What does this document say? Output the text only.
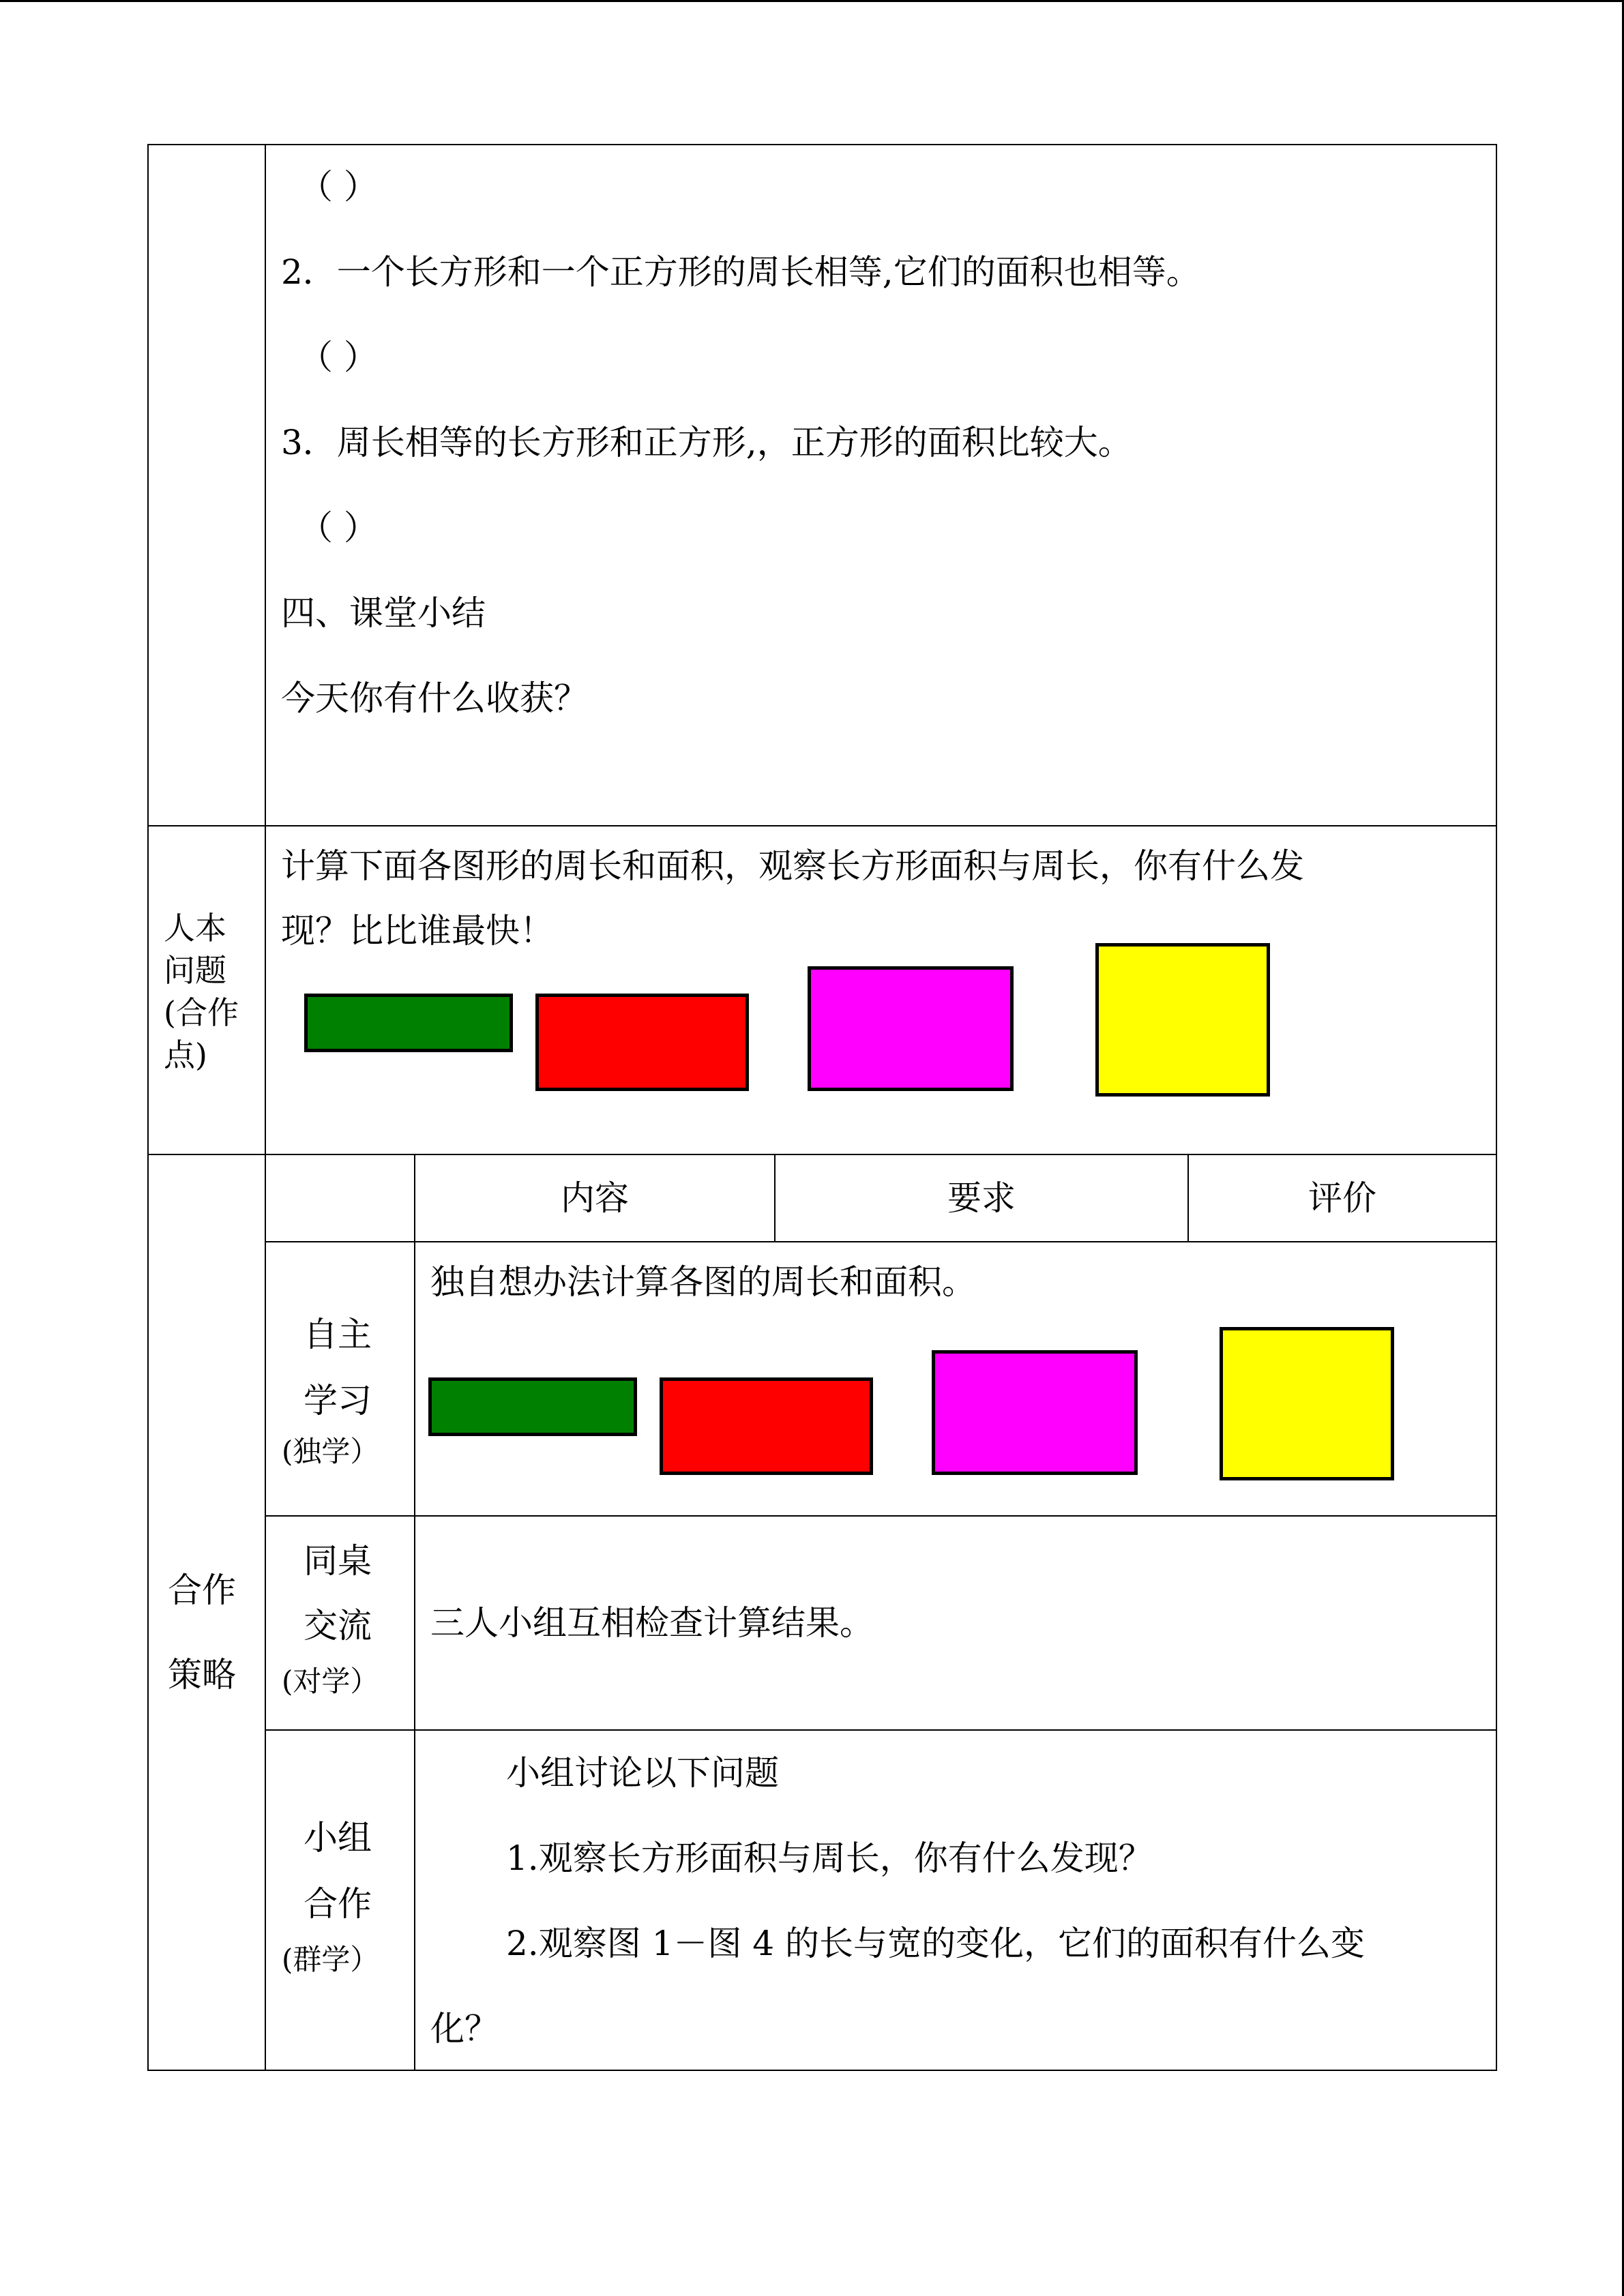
（ ）
2．一个长方形和一个正方形的周长相等,它们的面积也相等。
（ ）
3．周长相等的长方形和正方形,，正方形的面积比较大。
（ ）
四、课堂小结
今天你有什么收获？
人本
问题
(合作
点)
计算下面各图形的周长和面积，观察长方形面积与周长，你有什么发
现？比比谁最快！
合作
策略
内容	要求	评价
自主
学习
(独学）
独自想办法计算各图的周长和面积。
同桌
交流
(对学）
三人小组互相检查计算结果。
小组
合作
(群学）
小组讨论以下问题
1.观察长方形面积与周长，你有什么发现？
2.观察图 1－图 4 的长与宽的变化，它们的面积有什么变
化？
